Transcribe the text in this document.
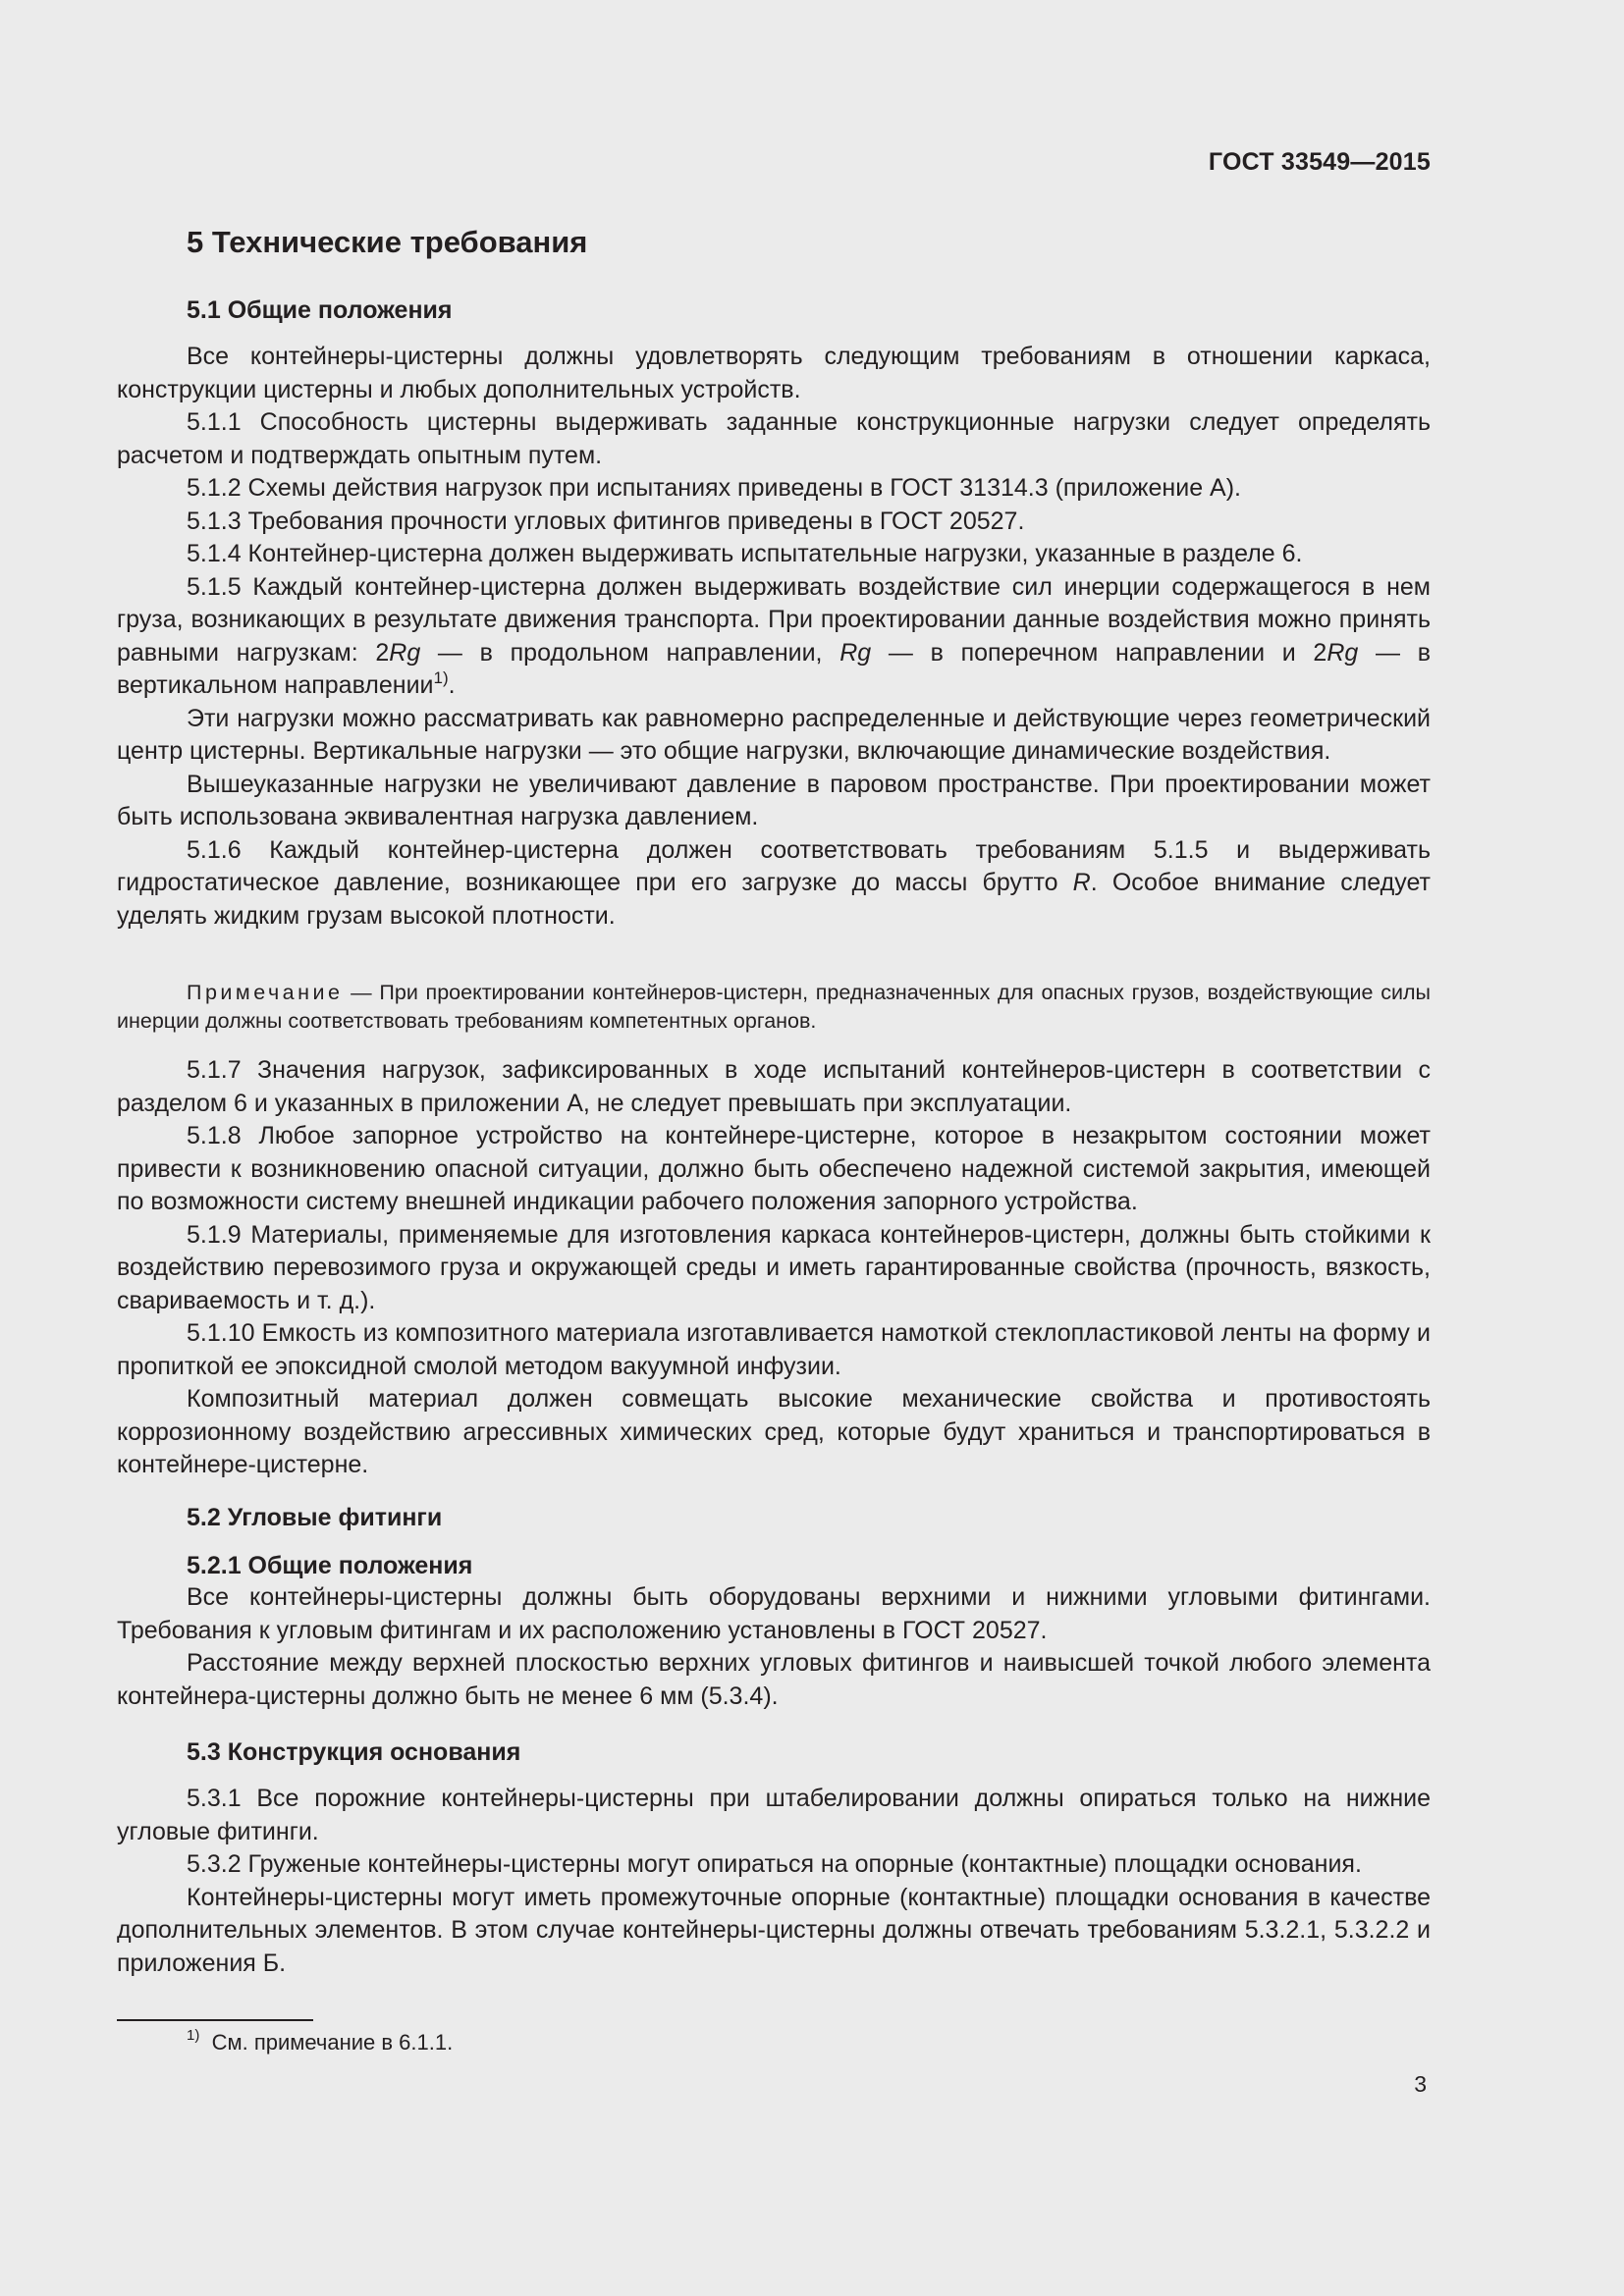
ГОСТ 33549—2015
5 Технические требования
5.1 Общие положения

Все контейнеры-цистерны должны удовлетворять следующим требованиям в отношении каркаса, конструкции цистерны и любых дополнительных устройств.

5.1.1 Способность цистерны выдерживать заданные конструкционные нагрузки следует определять расчетом и подтверждать опытным путем.

5.1.2 Схемы действия нагрузок при испытаниях приведены в ГОСТ 31314.3 (приложение А).

5.1.3 Требования прочности угловых фитингов приведены в ГОСТ 20527.

5.1.4 Контейнер-цистерна должен выдерживать испытательные нагрузки, указанные в разделе 6.

5.1.5 Каждый контейнер-цистерна должен выдерживать воздействие сил инерции содержащегося в нем груза, возникающих в результате движения транспорта. При проектировании данные воздействия можно принять равными нагрузкам: 2Rg — в продольном направлении, Rg — в поперечном направлении и 2Rg — в вертикальном направлении$^{1)}$.

Эти нагрузки можно рассматривать как равномерно распределенные и действующие через геометрический центр цистерны. Вертикальные нагрузки — это общие нагрузки, включающие динамические воздействия.

Вышеуказанные нагрузки не увеличивают давление в паровом пространстве. При проектировании может быть использована эквивалентная нагрузка давлением.

5.1.6 Каждый контейнер-цистерна должен соответствовать требованиям 5.1.5 и выдерживать гидростатическое давление, возникающее при его загрузке до массы брутто R. Особое внимание следует уделять жидким грузам высокой плотности.

Примечание — При проектировании контейнеров-цистерн, предназначенных для опасных грузов, воздействующие силы инерции должны соответствовать требованиям компетентных органов.

5.1.7 Значения нагрузок, зафиксированных в ходе испытаний контейнеров-цистерн в соответствии с разделом 6 и указанных в приложении А, не следует превышать при эксплуатации.

5.1.8 Любое запорное устройство на контейнере-цистерне, которое в незакрытом состоянии может привести к возникновению опасной ситуации, должно быть обеспечено надежной системой закрытия, имеющей по возможности систему внешней индикации рабочего положения запорного устройства.

5.1.9 Материалы, применяемые для изготовления каркаса контейнеров-цистерн, должны быть стойкими к воздействию перевозимого груза и окружающей среды и иметь гарантированные свойства (прочность, вязкость, свариваемость и т. д.).

5.1.10 Емкость из композитного материала изготавливается намоткой стеклопластиковой ленты на форму и пропиткой ее эпоксидной смолой методом вакуумной инфузии.

Композитный материал должен совмещать высокие механические свойства и противостоять коррозионному воздействию агрессивных химических сред, которые будут храниться и транспортироваться в контейнере-цистерне.

5.2 Угловые фитинги
5.2.1 Общие положения

Все контейнеры-цистерны должны быть оборудованы верхними и нижними угловыми фитингами. Требования к угловым фитингам и их расположению установлены в ГОСТ 20527.

Расстояние между верхней плоскостью верхних угловых фитингов и наивысшей точкой любого элемента контейнера-цистерны должно быть не менее 6 мм (5.3.4).

5.3 Конструкция основания

5.3.1 Все порожние контейнеры-цистерны при штабелировании должны опираться только на нижние угловые фитинги.

5.3.2 Груженые контейнеры-цистерны могут опираться на опорные (контактные) площадки основания.

Контейнеры-цистерны могут иметь промежуточные опорные (контактные) площадки основания в качестве дополнительных элементов. В этом случае контейнеры-цистерны должны отвечать требованиям 5.3.2.1, 5.3.2.2 и приложения Б.

$^{1)}$ См. примечание в 6.1.1.
3
